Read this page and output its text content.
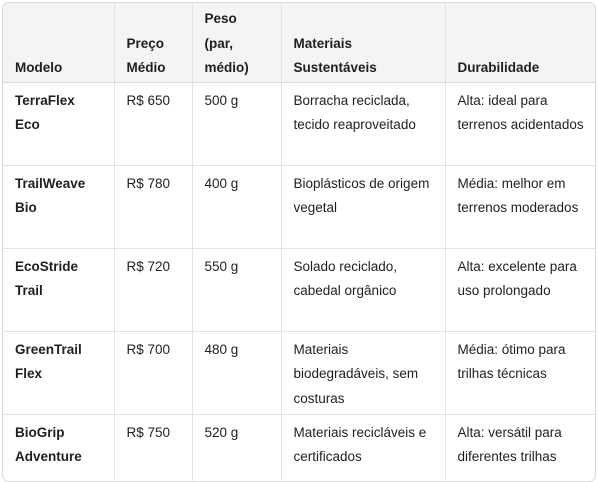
Modelo	Preço Médio	Peso (par, médio)	Materiais Sustentáveis	Durabilidade

TerraFlex Eco	R$ 650	500 g	Borracha reciclada, tecido reaproveitado	Alta: ideal para terrenos acidentados
TrailWeave Bio	R$ 780	400 g	Bioplásticos de origem vegetal	Média: melhor em terrenos moderados
EcoStride Trail	R$ 720	550 g	Solado reciclado, cabedal orgânico	Alta: excelente para uso prolongado
GreenTrail Flex	R$ 700	480 g	Materiais biodegradáveis, sem costuras	Média: ótimo para trilhas técnicas
BioGrip Adventure	R$ 750	520 g	Materiais recicláveis e certificados	Alta: versátil para diferentes trilhas
